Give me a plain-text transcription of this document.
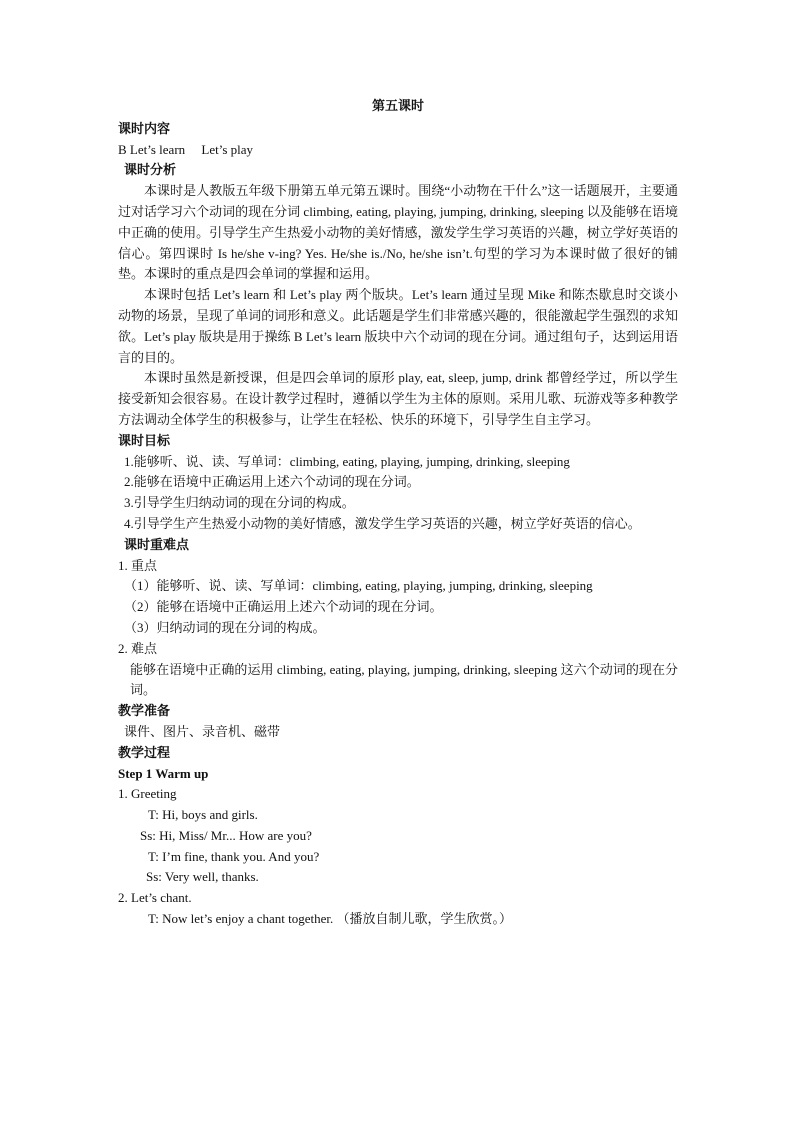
第五课时
课时内容
B Let’s learn     Let’s play
课时分析
本课时是人教版五年级下册第五单元第五课时。围绕“小动物在干什么”这一话题展开，主要通过对话学习六个动词的现在分词 climbing, eating, playing, jumping, drinking, sleeping 以及能够在语境中正确的使用。引导学生产生热爱小动物的美好情感，激发学生学习英语的兴趣，树立学好英语的信心。第四课时 Is he/she v-ing? Yes. He/she is./No, he/she isn’t.句型的学习为本课时做了很好的铺垫。本课时的重点是四会单词的掌握和运用。
本课时包括 Let’s learn 和 Let’s play 两个版块。Let’s learn 通过呈现 Mike 和陈杰歇息时交谈小动物的场景，呈现了单词的词形和意义。此话题是学生们非常感兴趣的，很能激起学生强烈的求知欲。Let’s play 版块是用于操练 B Let’s learn 版块中六个动词的现在分词。通过组句子，达到运用语言的目的。
本课时虽然是新授课，但是四会单词的原形 play, eat, sleep, jump, drink 都曾经学过，所以学生接受新知会很容易。在设计教学过程时，遵循以学生为主体的原则。采用儿歌、玩游戏等多种教学方法调动全体学生的积极参与，让学生在轻松、快乐的环境下，引导学生自主学习。
课时目标
1.能够听、说、读、写单词：climbing, eating, playing, jumping, drinking, sleeping
2.能够在语境中正确运用上述六个动词的现在分词。
3.引导学生归纳动词的现在分词的构成。
4.引导学生产生热爱小动物的美好情感，激发学生学习英语的兴趣，树立学好英语的信心。
课时重难点
1. 重点
（1）能够听、说、读、写单词：climbing, eating, playing, jumping, drinking, sleeping
（2）能够在语境中正确运用上述六个动词的现在分词。
（3）归纳动词的现在分词的构成。
2. 难点
能够在语境中正确的运用 climbing, eating, playing, jumping, drinking, sleeping 这六个动词的现在分词。
教学准备
课件、图片、录音机、磁带
教学过程
Step 1 Warm up
1. Greeting
T: Hi, boys and girls.
Ss: Hi, Miss/ Mr... How are you?
T: I’m fine, thank you. And you?
Ss: Very well, thanks.
2. Let’s chant.
T: Now let’s enjoy a chant together. （播放自制儿歌，学生欣赏。）
